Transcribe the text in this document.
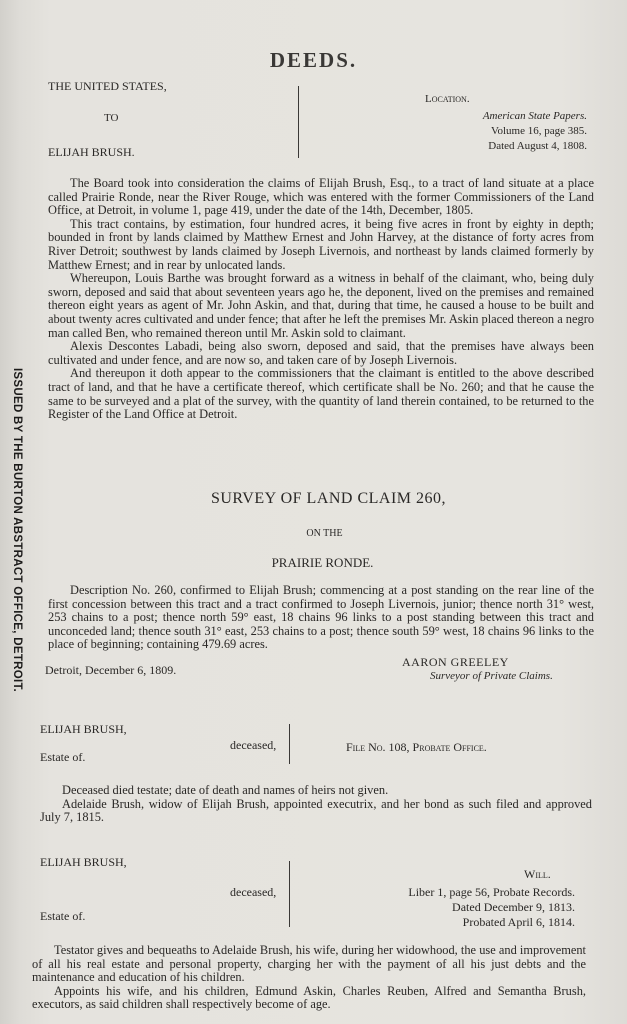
ISSUED BY THE BURTON ABSTRACT OFFICE, DETROIT.
DEEDS.
THE UNITED STATES,
TO
ELIJAH BRUSH.
Location.
American State Papers.
Volume 16, page 385.
Dated August 4, 1808.

The Board took into consideration the claims of Elijah Brush, Esq., to a tract of land situate at a place called Prairie Ronde, near the River Rouge, which was entered with the former Commissioners of the Land Office, at Detroit, in volume 1, page 419, under the date of the 14th, December, 1805.

This tract contains, by estimation, four hundred acres, it being five acres in front by eighty in depth; bounded in front by lands claimed by Matthew Ernest and John Harvey, at the distance of forty acres from River Detroit; southwest by lands claimed by Joseph Livernois, and northeast by lands claimed formerly by Matthew Ernest; and in rear by unlocated lands.

Whereupon, Louis Barthe was brought forward as a witness in behalf of the claimant, who, being duly sworn, deposed and said that about seventeen years ago he, the deponent, lived on the premises and remained thereon eight years as agent of Mr. John Askin, and that, during that time, he caused a house to be built and about twenty acres cultivated and under fence; that after he left the premises Mr. Askin placed thereon a negro man called Ben, who remained thereon until Mr. Askin sold to claimant.

Alexis Descontes Labadi, being also sworn, deposed and said, that the premises have always been cultivated and under fence, and are now so, and taken care of by Joseph Livernois.

And thereupon it doth appear to the commissioners that the claimant is entitled to the above described tract of land, and that he have a certificate thereof, which certificate shall be No. 260; and that he cause the same to be surveyed and a plat of the survey, with the quantity of land therein contained, to be returned to the Register of the Land Office at Detroit.

SURVEY OF LAND CLAIM 260,
ON THE
PRAIRIE RONDE.

Description No. 260, confirmed to Elijah Brush; commencing at a post standing on the rear line of the first concession between this tract and a tract confirmed to Joseph Livernois, junior; thence north 31° west, 253 chains to a post; thence north 59° east, 18 chains 96 links to a post standing between this tract and unconceded land; thence south 31° east, 253 chains to a post; thence south 59° west, 18 chains 96 links to the place of beginning; containing 479.69 acres.

Detroit, December 6, 1809.
AARON GREELEY
Surveyor of Private Claims.
ELIJAH BRUSH,
Estate of.
deceased,	File No. 108, Probate Office.

Deceased died testate; date of death and names of heirs not given.

Adelaide Brush, widow of Elijah Brush, appointed executrix, and her bond as such filed and approved July 7, 1815.

ELIJAH BRUSH,
Estate of.
deceased,
Will.
Liber 1, page 56, Probate Records.
Dated December 9, 1813.
Probated April 6, 1814.

Testator gives and bequeaths to Adelaide Brush, his wife, during her widowhood, the use and improvement of all his real estate and personal property, charging her with the payment of all his just debts and the maintenance and education of his children.

Appoints his wife, and his children, Edmund Askin, Charles Reuben, Alfred and Semantha Brush, executors, as said children shall respectively become of age.
